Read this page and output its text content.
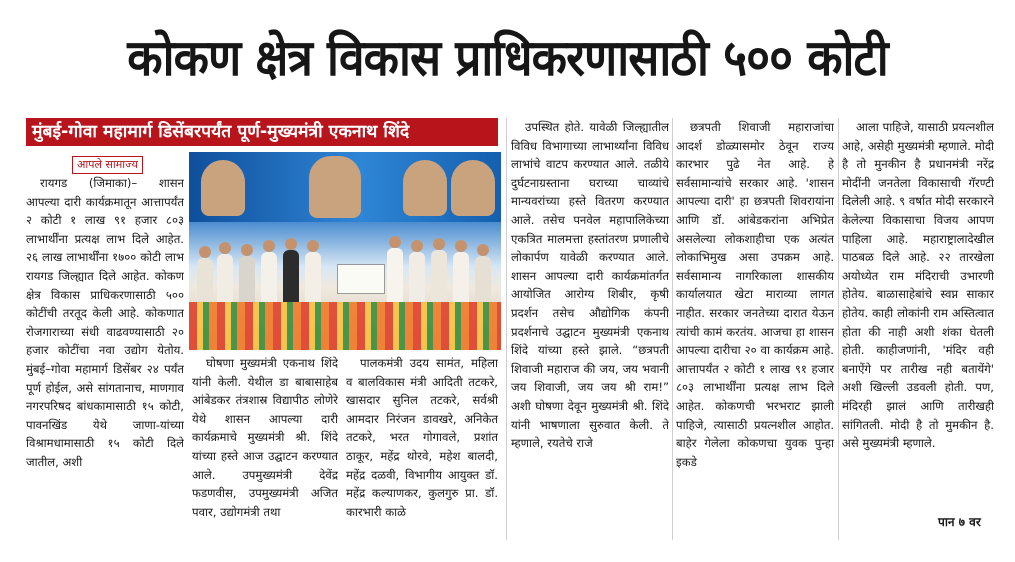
कोकण क्षेत्र विकास प्राधिकरणासाठी ५०० कोटी
मुंबई-गोवा महामार्ग डिसेंबरपर्यंत पूर्ण-मुख्यमंत्री एकनाथ शिंदे
आपले सामाज्य

रायगड (जिमाका)– शासन आपल्या दारी कार्यक्रमातून आत्तापर्यंत २ कोटी १ लाख ९१ हजार ८०३ लाभार्थींना प्रत्यक्ष लाभ दिले आहेत. २६ लाख लाभार्थींना १७०० कोटी लाभ रायगड जिल्ह्यात दिले आहेत. कोकण क्षेत्र विकास प्राधिकरणासाठी ५०० कोटींची तरतूद केली आहे. कोकणात रोजगाराच्या संधी वाढवण्यासाठी २० हजार कोटींचा नवा उद्योग येतोय. मुंबई–गोवा महामार्ग डिसेंबर २४ पर्यंत पूर्ण होईल, असे सांगतानाच, माणगाव नगरपरिषद बांधकामासाठी १५ कोटी, पावनखिंड येथे जाणा-यांच्या विश्रामधामासाठी १५ कोटी दिले जातील, अशी

घोषणा मुख्यमंत्री एकनाथ शिंदे यांनी केली. येथील डा बाबासाहेब आंबेडकर तंत्रशास्र विद्यापीठ लोणेरे येथे शासन आपल्या दारी कार्यक्रमाचे मुख्यमंत्री श्री. शिंदे यांच्या हस्ते आज उद्घाटन करण्यात आले. उपमुख्यमंत्री देवेंद्र फडणवीस, उपमुख्यमंत्री अजित पवार, उद्योगमंत्री तथा

पालकमंत्री उदय सामंत, महिला व बालविकास मंत्री आदिती तटकरे, खासदार सुनिल तटकरे, सर्वश्री आमदार निरंजन डावखरे, अनिकेत तटकरे, भरत गोगावले, प्रशांत ठाकूर, महेंद्र थोरवे, महेश बालदी, महेंद्र दळवी, विभागीय आयुक्त डॉ. महेंद्र कल्याणकर, कुलगुरु प्रा. डॉ. कारभारी काळे

उपस्थित होते. यावेळी जिल्ह्यातील विविध विभागाच्या लाभार्थ्यांना विविध लाभांचे वाटप करण्यात आले. तळीये दुर्घटनाग्रस्ताना घराच्या चाव्यांचे मान्यवरांच्या हस्ते वितरण करण्यात आले. तसेच पनवेल महापालिकेच्या एकत्रित मालमत्ता हस्तांतरण प्रणालीचे लोकार्पण यावेळी करण्यात आले. शासन आपल्या दारी कार्यक्रमांतर्गत आयोजित आरोग्य शिबीर, कृषी प्रदर्शन तसेच औद्योगिक कंपनी प्रदर्शनाचे उद्घाटन मुख्यमंत्री एकनाथ शिंदे यांच्या हस्ते झाले. “छत्रपती शिवाजी महाराज की जय, जय भवानी जय शिवाजी, जय जय श्री राम!” अशी घोषणा देवून मुख्यमंत्री श्री. शिंदे यांनी भाषणाला सुरुवात केली. ते म्हणाले, रयतेचे राजे

छत्रपती शिवाजी महाराजांचा आदर्श डोळ्यासमोर ठेवून राज्य कारभार पुढे नेत आहे. हे सर्वसामान्यांचे सरकार आहे. 'शासन आपल्या दारी' हा छत्रपती शिवरायांना आणि डॉ. आंबेडकरांना अभिप्रेत असलेल्या लोकशाहीचा एक अत्यंत लोकाभिमुख असा उपक्रम आहे. सर्वसामान्य नागरिकाला शासकीय कार्यालयात खेटा माराव्या लागत नाहीत. सरकार जनतेच्या दारात येऊन त्यांची कामं करतंय. आजचा हा शासन आपल्या दारीचा २० वा कार्यक्रम आहे. आत्तापर्यंत २ कोटी १ लाख ९१ हजार ८०३ लाभार्थींना प्रत्यक्ष लाभ दिले आहेत. कोकणची भरभराट झाली पाहिजे, त्यासाठी प्रयत्नशील आहोत. बाहेर गेलेला कोकणचा युवक पुन्हा इकडे

आला पाहिजे, यासाठी प्रयत्नशील आहे, असेही मुख्यमंत्री म्हणाले. मोदी है तो मुनकीन है प्रधानमंत्री नरेंद्र मोदींनी जनतेला विकासाची गॅरण्टी दिलेली आहे. ९ वर्षात मोदी सरकारने केलेल्या विकासाचा विजय आपण पाहिला आहे. महाराष्ट्रालादेखील पाठबळ दिले आहे. २२ तारखेला अयोध्येत राम मंदिराची उभारणी होतेय. बाळासाहेबांचे स्वप्न साकार होतेय. काही लोकांनी राम अस्तित्वात होता की नाही अशी शंका घेतली होती. काहीजणांनी, 'मंदिर वही बनाऐंगे पर तारीख नही बतायेंगे' अशी खिल्ली उडवली होती. पण, मंदिरही झालं आणि तारीखही सांगितली. मोदी है तो मुमकीन है. असे मुख्यमंत्री म्हणाले.

पान ७ वर
